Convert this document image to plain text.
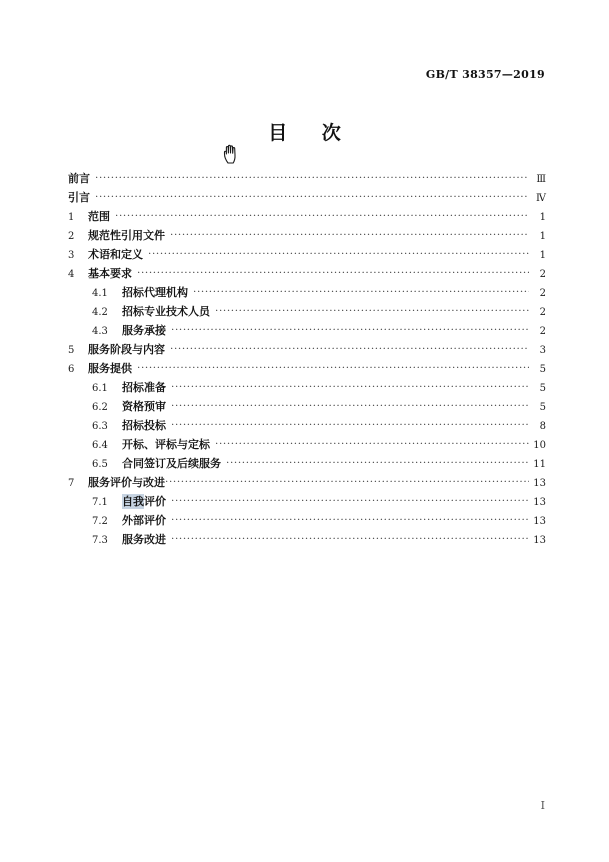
GB/T 38357—2019
目 次
前言 ·····	Ⅲ
引言 ·····	Ⅳ
1	范围 ·····	1
2	规范性引用文件 ·····	1
3	术语和定义 ·····	1
4	基本要求 ·····	2
4.1	招标代理机构 ·····	2
4.2	招标专业技术人员 ·····	2
4.3	服务承接 ·····	2
5	服务阶段与内容 ·····	3
6	服务提供 ·····	5
6.1	招标准备 ·····	5
6.2	资格预审 ·····	5
6.3	招标投标 ·····	8
6.4	开标、评标与定标 ·····	10
6.5	合同签订及后续服务 ·····	11
7	服务评价与改进 ·····	13
7.1	自我评价 ·····	13
7.2	外部评价 ·····	13
7.3	服务改进 ·····	13
Ⅰ
